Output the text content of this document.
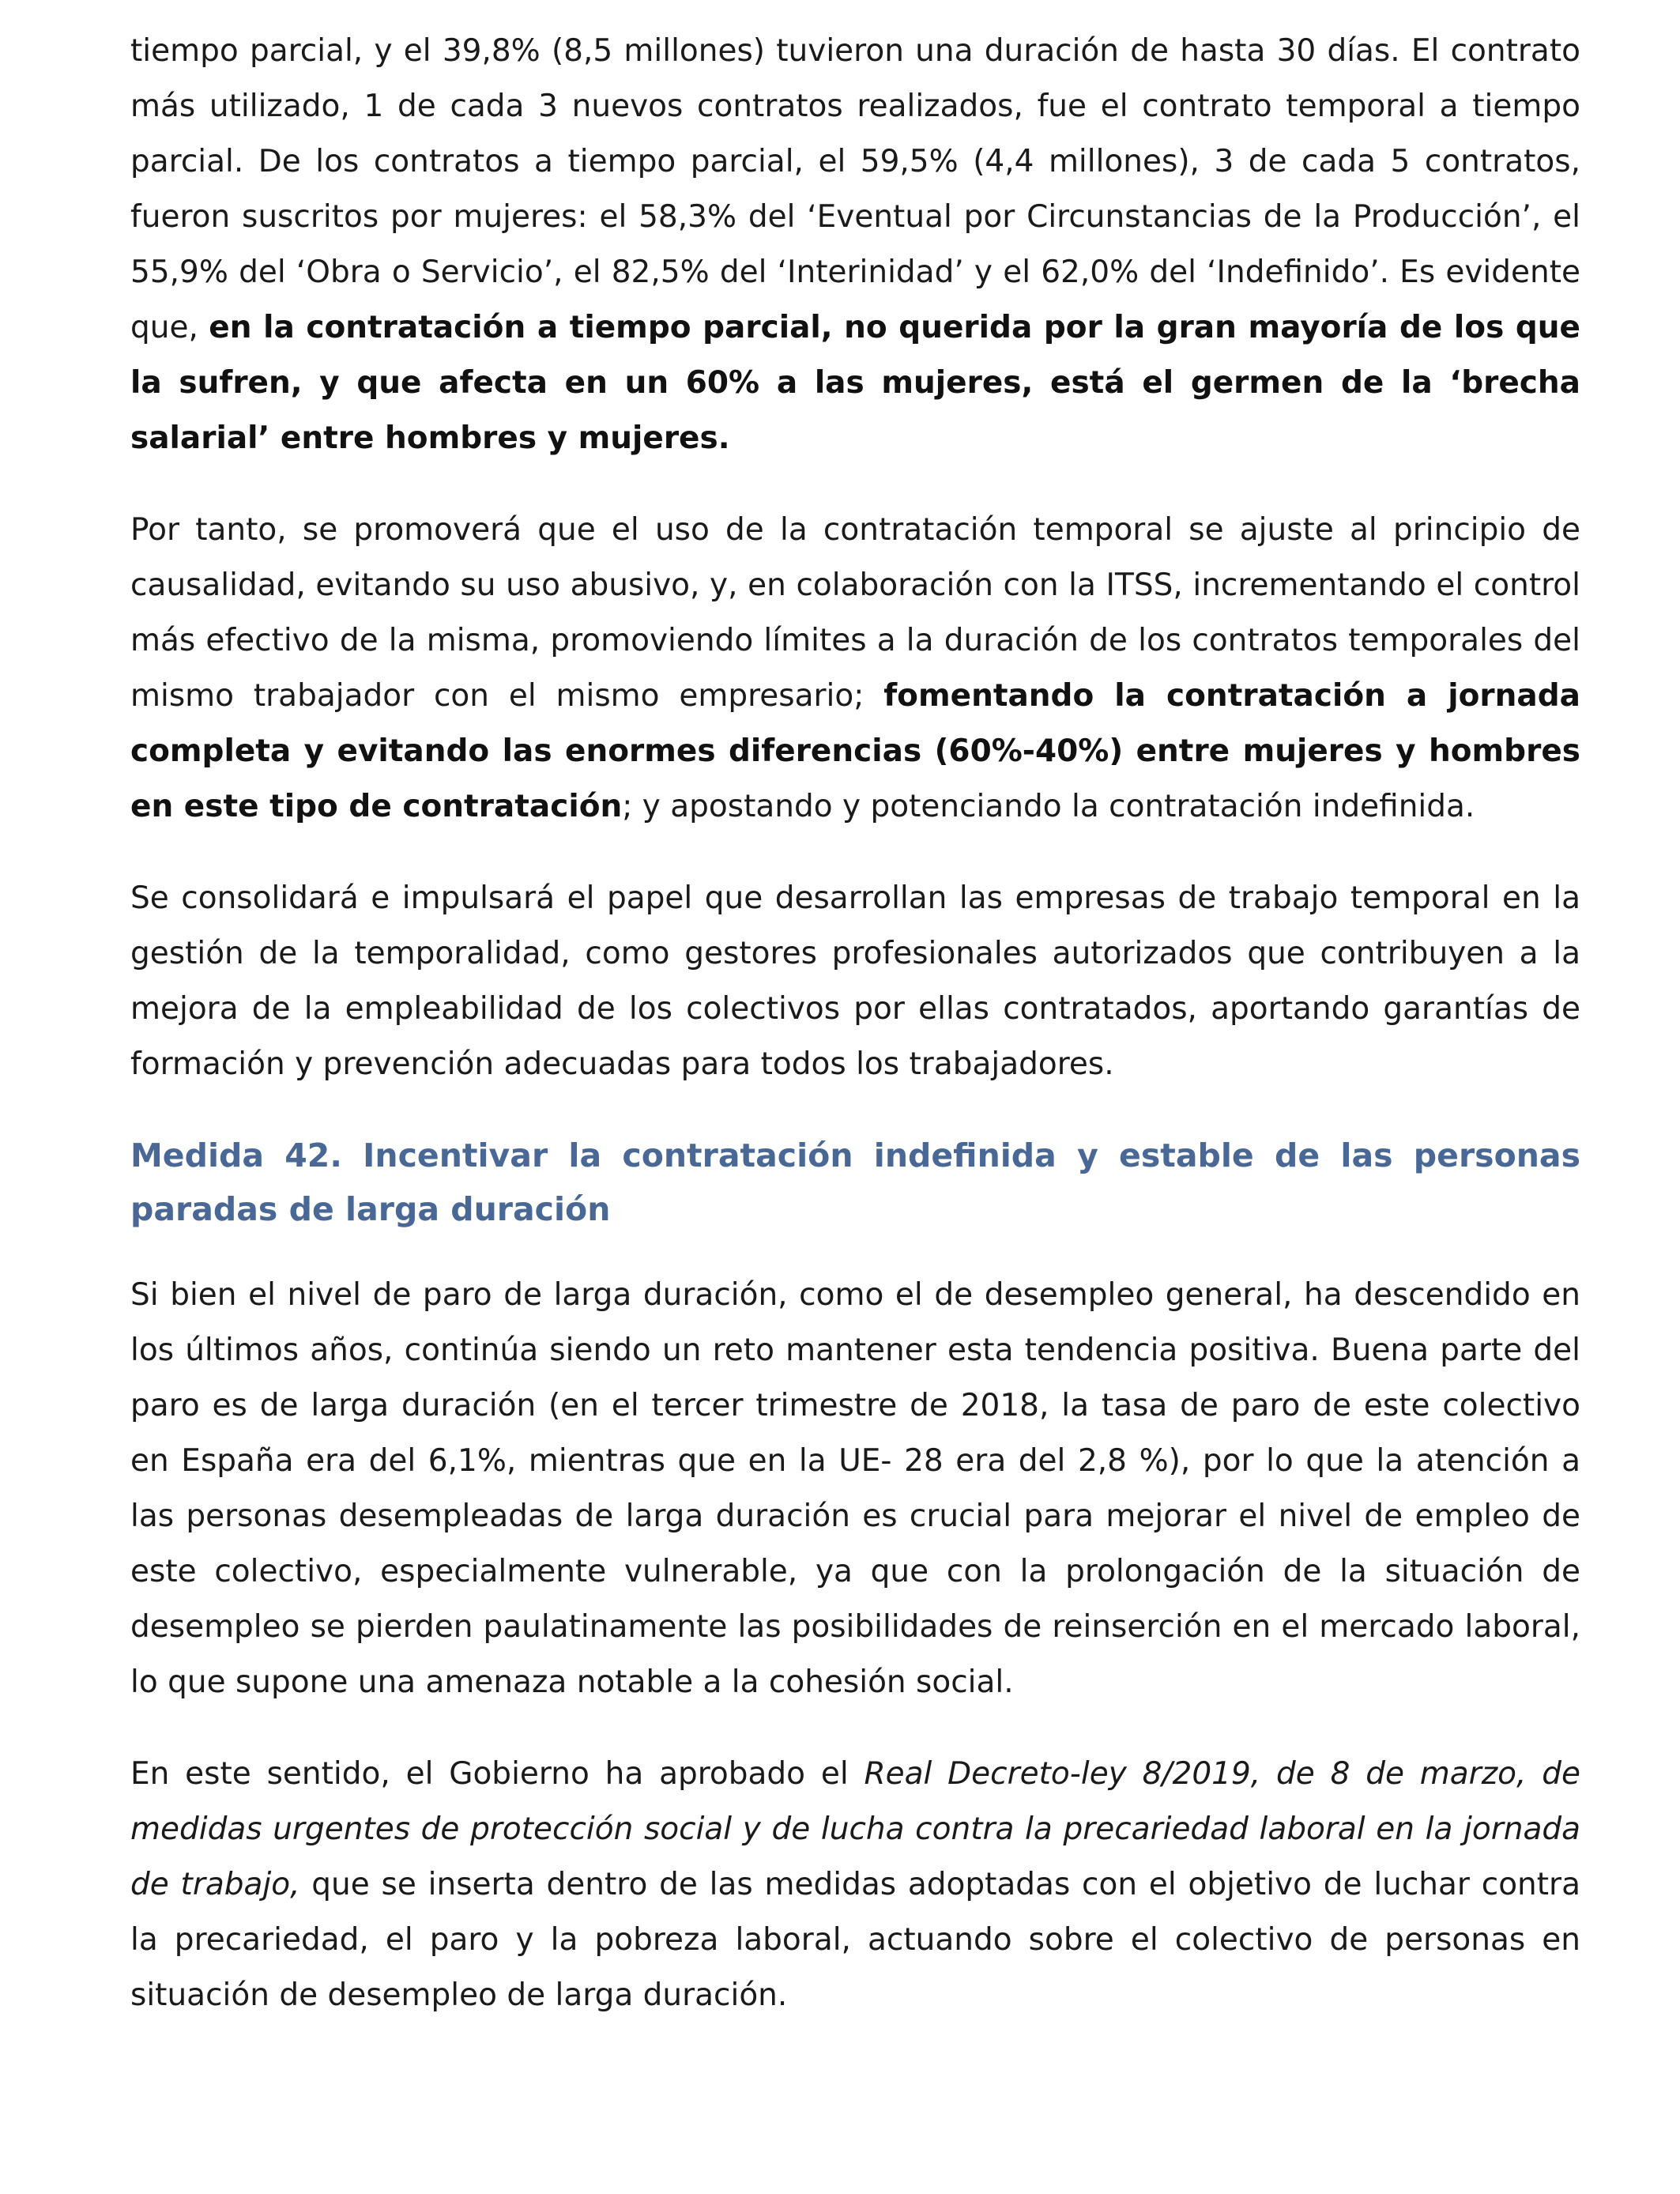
tiempo parcial, y el 39,8% (8,5 millones) tuvieron una duración de hasta 30 días. El contrato más utilizado, 1 de cada 3 nuevos contratos realizados, fue el contrato temporal a tiempo parcial. De los contratos a tiempo parcial, el 59,5% (4,4 millones), 3 de cada 5 contratos, fueron suscritos por mujeres: el 58,3% del ‘Eventual por Circunstancias de la Producción’, el 55,9% del ‘Obra o Servicio’, el 82,5% del ‘Interinidad’ y el 62,0% del ‘Indefinido’. Es evidente que, en la contratación a tiempo parcial, no querida por la gran mayoría de los que la sufren, y que afecta en un 60% a las mujeres, está el germen de la ‘brecha salarial’ entre hombres y mujeres.

Por tanto, se promoverá que el uso de la contratación temporal se ajuste al principio de causalidad, evitando su uso abusivo, y, en colaboración con la ITSS, incrementando el control más efectivo de la misma, promoviendo límites a la duración de los contratos temporales del mismo trabajador con el mismo empresario; fomentando la contratación a jornada completa y evitando las enormes diferencias (60%-40%) entre mujeres y hombres en este tipo de contratación; y apostando y potenciando la contratación indefinida.

Se consolidará e impulsará el papel que desarrollan las empresas de trabajo temporal en la gestión de la temporalidad, como gestores profesionales autorizados que contribuyen a la mejora de la empleabilidad de los colectivos por ellas contratados, aportando garantías de formación y prevención adecuadas para todos los trabajadores.

Medida 42. Incentivar la contratación indefinida y estable de las personas paradas de larga duración

Si bien el nivel de paro de larga duración, como el de desempleo general, ha descendido en los últimos años, continúa siendo un reto mantener esta tendencia positiva. Buena parte del paro es de larga duración (en el tercer trimestre de 2018, la tasa de paro de este colectivo en España era del 6,1%, mientras que en la UE- 28 era del 2,8 %), por lo que la atención a las personas desempleadas de larga duración es crucial para mejorar el nivel de empleo de este colectivo, especialmente vulnerable, ya que con la prolongación de la situación de desempleo se pierden paulatinamente las posibilidades de reinserción en el mercado laboral, lo que supone una amenaza notable a la cohesión social.

En este sentido, el Gobierno ha aprobado el Real Decreto-ley 8/2019, de 8 de marzo, de medidas urgentes de protección social y de lucha contra la precariedad laboral en la jornada de trabajo, que se inserta dentro de las medidas adoptadas con el objetivo de luchar contra la precariedad, el paro y la pobreza laboral, actuando sobre el colectivo de personas en situación de desempleo de larga duración.
